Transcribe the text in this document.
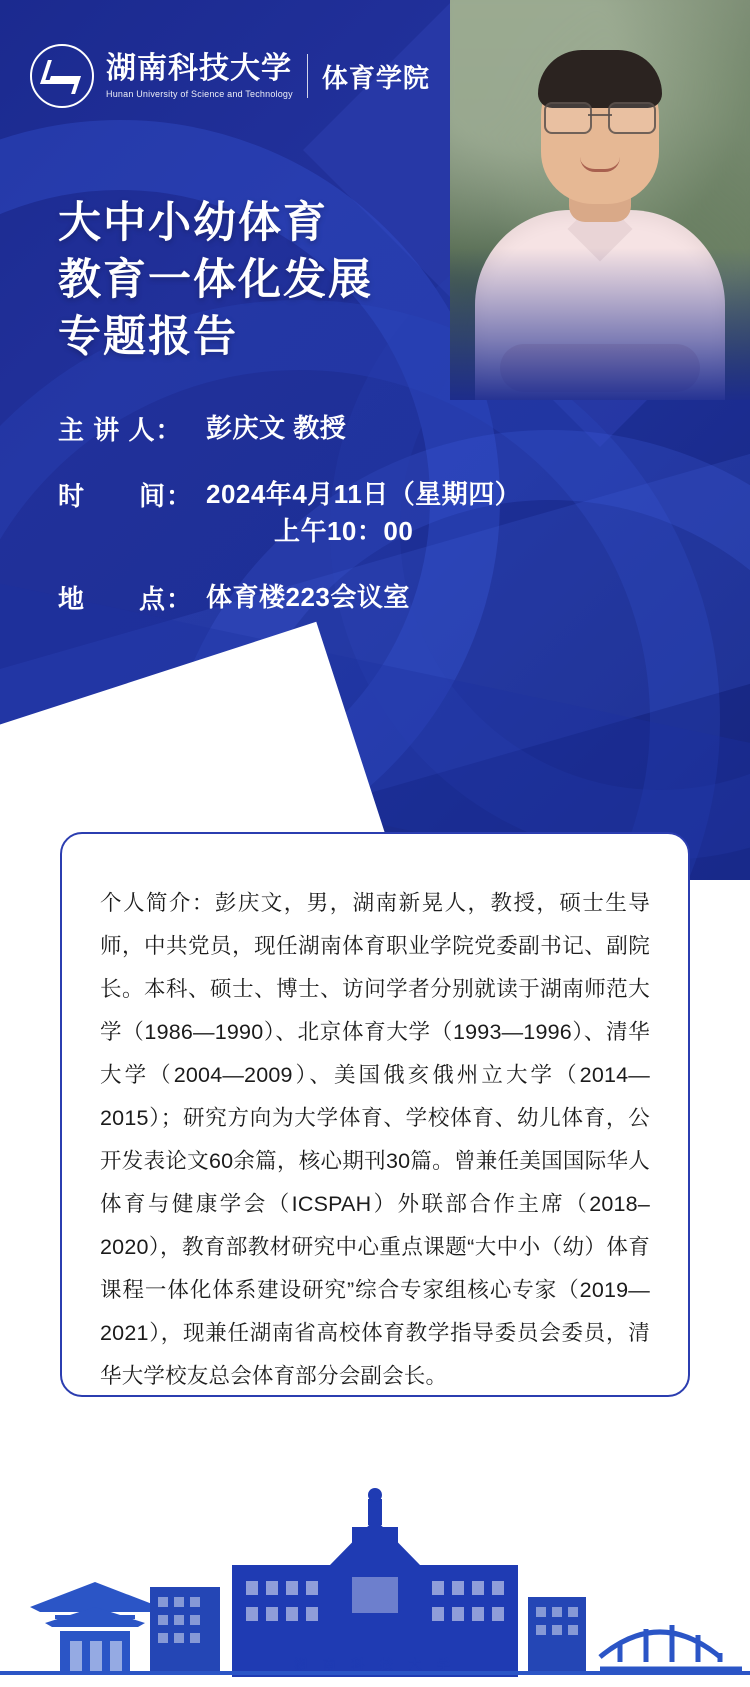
湖南科技大学
Hunan University of Science and Technology
体育学院
大中小幼体育
教育一体化发展
专题报告
主 讲 人： 彭庆文 教授
时　　间： 2024年4月11日（星期四）
上午10：00
地　　点： 体育楼223会议室
个人简介：彭庆文，男，湖南新晃人，教授，硕士生导师，中共党员，现任湖南体育职业学院党委副书记、副院长。本科、硕士、博士、访问学者分别就读于湖南师范大学（1986—1990）、北京体育大学（1993—1996）、清华大学（2004—2009）、美国俄亥俄州立大学（2014—2015）；研究方向为大学体育、学校体育、幼儿体育，公开发表论文60余篇，核心期刊30篇。曾兼任美国国际华人体育与健康学会（ICSPAH）外联部合作主席（2018–2020），教育部教材研究中心重点课题“大中小（幼）体育课程一体化体系建设研究”综合专家组核心专家（2019—2021），现兼任湖南省高校体育教学指导委员会委员，清华大学校友总会体育部分会副会长。
湖 南 科 技 大 学
